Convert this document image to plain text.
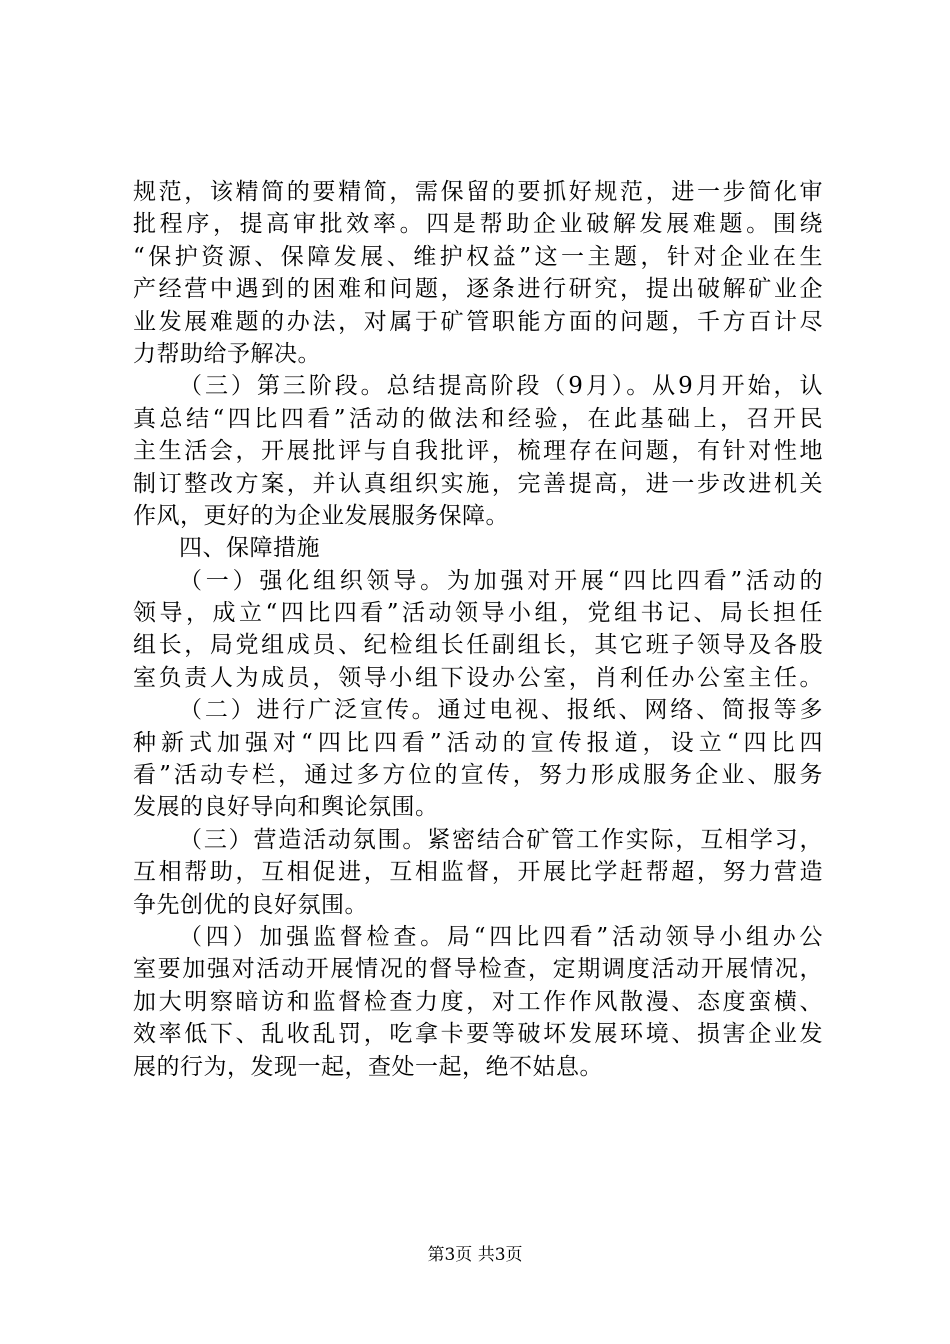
规范，该精简的要精简，需保留的要抓好规范，进一步简化审
批程序，提高审批效率。四是帮助企业破解发展难题。围绕
“保护资源、保障发展、维护权益”这一主题，针对企业在生
产经营中遇到的困难和问题，逐条进行研究，提出破解矿业企
业发展难题的办法，对属于矿管职能方面的问题，千方百计尽
力帮助给予解决。
（三）第三阶段。总结提高阶段（9月）。从9月开始，认
真总结“四比四看”活动的做法和经验，在此基础上，召开民
主生活会，开展批评与自我批评，梳理存在问题，有针对性地
制订整改方案，并认真组织实施，完善提高，进一步改进机关
作风，更好的为企业发展服务保障。
四、保障措施
（一）强化组织领导。为加强对开展“四比四看”活动的
领导，成立“四比四看”活动领导小组，党组书记、局长担任
组长，局党组成员、纪检组长任副组长，其它班子领导及各股
室负责人为成员，领导小组下设办公室，肖利任办公室主任。
（二）进行广泛宣传。通过电视、报纸、网络、简报等多
种新式加强对“四比四看”活动的宣传报道，设立“四比四
看”活动专栏，通过多方位的宣传，努力形成服务企业、服务
发展的良好导向和舆论氛围。
（三）营造活动氛围。紧密结合矿管工作实际，互相学习，
互相帮助，互相促进，互相监督，开展比学赶帮超，努力营造
争先创优的良好氛围。
（四）加强监督检查。局“四比四看”活动领导小组办公
室要加强对活动开展情况的督导检查，定期调度活动开展情况，
加大明察暗访和监督检查力度，对工作作风散漫、态度蛮横、
效率低下、乱收乱罚，吃拿卡要等破坏发展环境、损害企业发
展的行为，发现一起，查处一起，绝不姑息。
第3页 共3页
